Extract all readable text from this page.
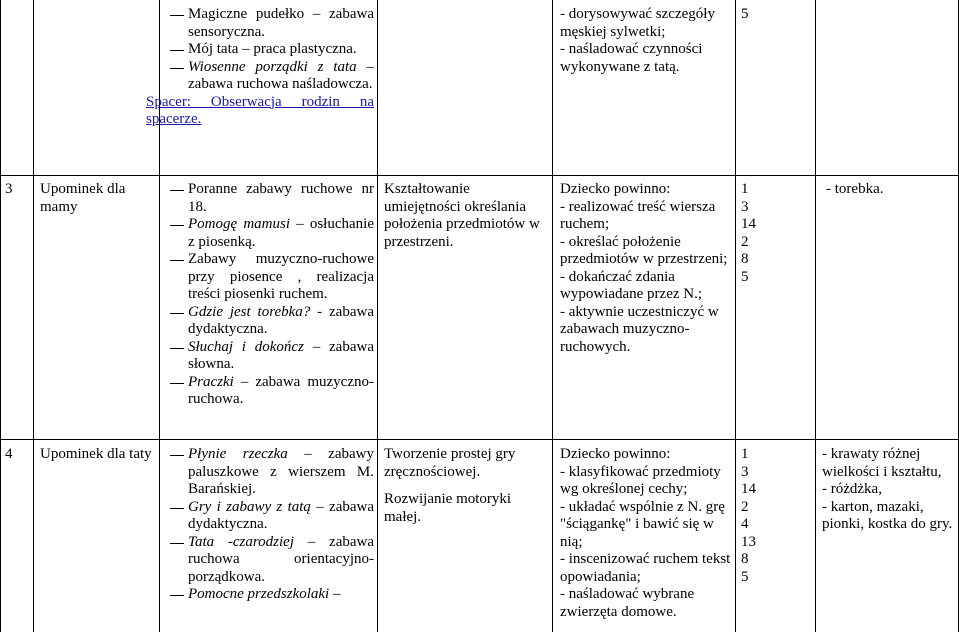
Magiczne pudełko – zabawa sensoryczna.
Mój tata – praca plastyczna.
Wiosenne porządki z tata – zabawa ruchowa naśladowcza.
Spacer: Obserwacja rodzin na spacerze.

- dorysowywać szczegóły męskiej sylwetki;

- naśladować czynności wykonywane z tatą.

5

3 Upominek dla mamy

Poranne zabawy ruchowe nr 18.
Pomogę mamusi – osłuchanie z piosenką.
Zabawy muzyczno-ruchowe przy piosence , realizacja treści piosenki ruchem.
Gdzie jest torebka? - zabawa dydaktyczna.
Słuchaj i dokończ – zabawa słowna.
Praczki – zabawa muzyczno-ruchowa.

Kształtowanie umiejętności określania położenia przedmiotów w przestrzeni.

Dziecko powinno:

- realizować treść wiersza ruchem;

- określać położenie przedmiotów w przestrzeni;

- dokańczać zdania wypowiadane przez N.;

- aktywnie uczestniczyć w zabawach muzyczno-ruchowych.

1

3

14

2

8

5

- torebka.

4 Upominek dla taty Płynie rzeczka – zabawy paluszkowe z wierszem M. Barańskiej.
Gry i zabawy z tatą – zabawa dydaktyczna.
Tata -czarodziej – zabawa ruchowa orientacyjno-porządkowa.
Pomocne przedszkolaki –

Tworzenie prostej gry zręcznościowej.

Rozwijanie motoryki małej.

Dziecko powinno:

- klasyfikować przedmioty wg określonej cechy;

- układać wspólnie z N. grę "ściągankę" i bawić się w nią;

- inscenizować ruchem tekst opowiadania;

- naśladować wybrane zwierzęta domowe.

1

3

14

2

4

13

8

5

- krawaty różnej wielkości i kształtu,

- różdżka,

- karton, mazaki, pionki, kostka do gry.
